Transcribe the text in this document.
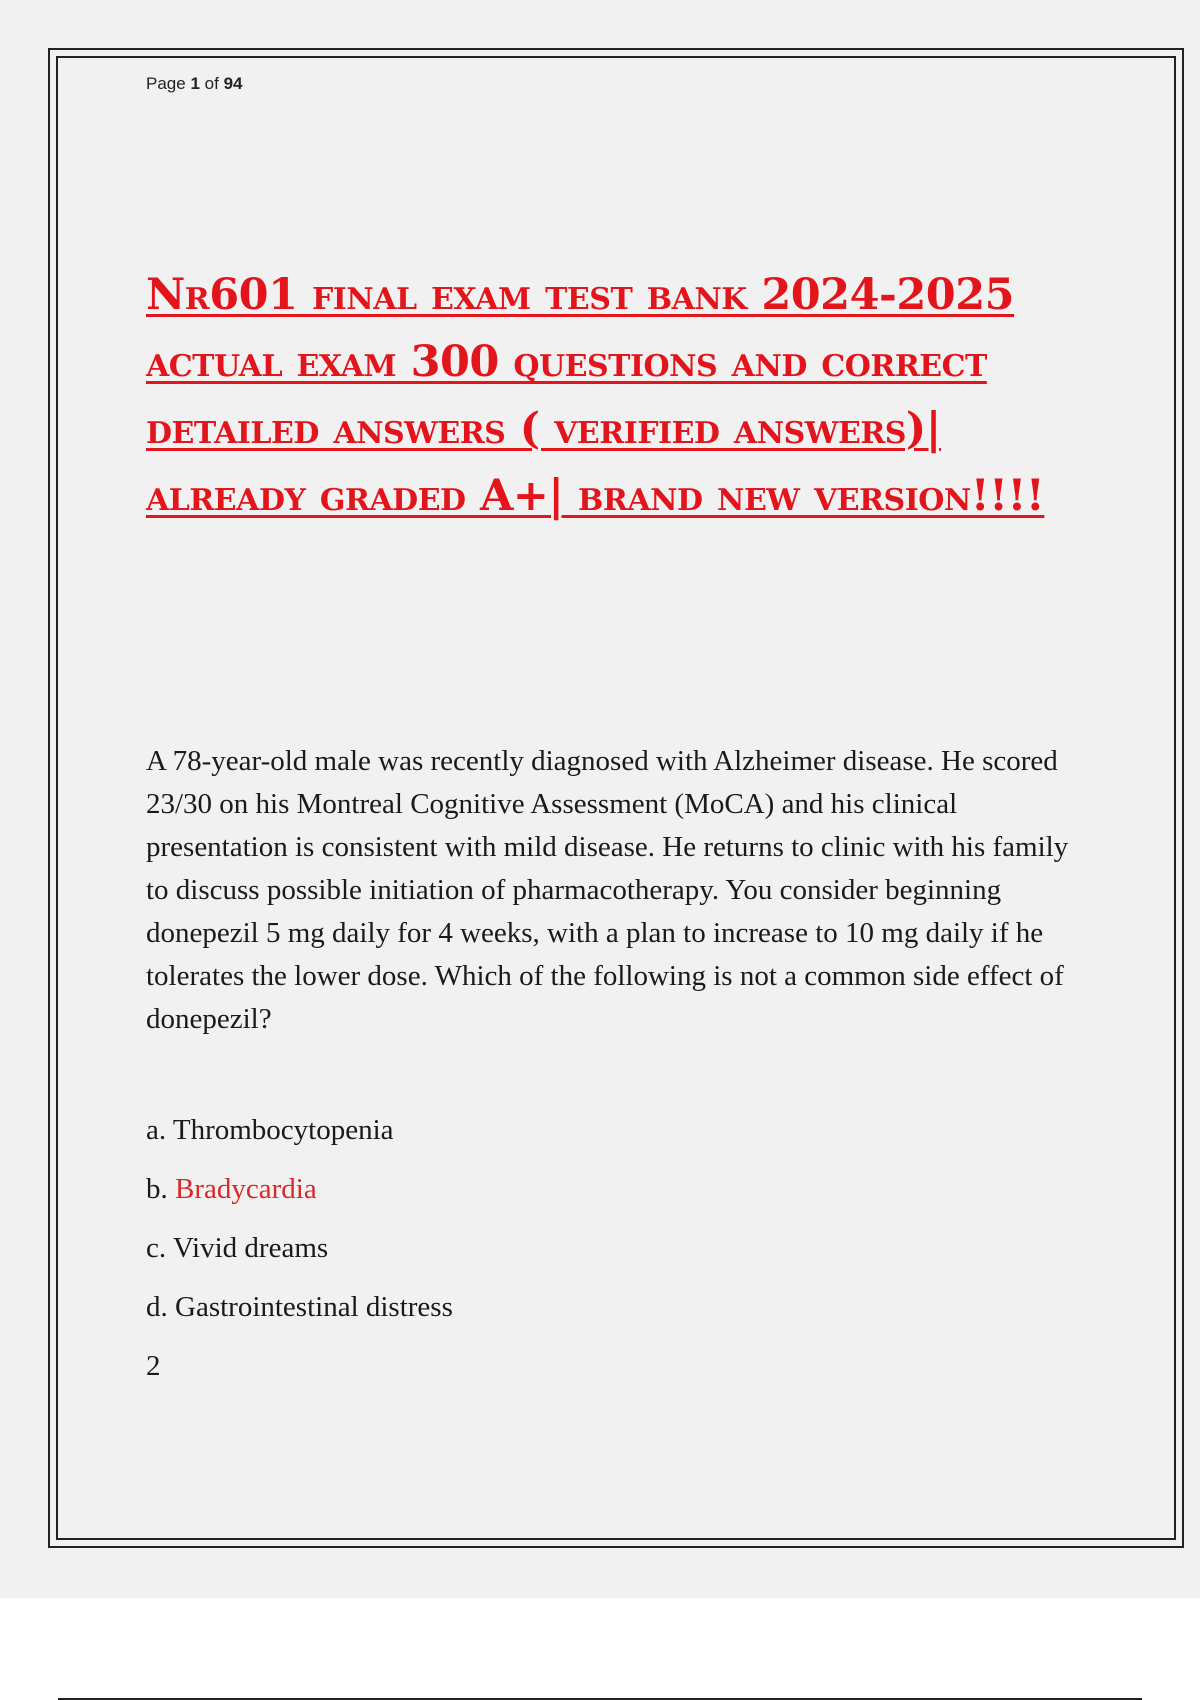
Page 1 of 94
Nr601 final exam test bank 2024-2025 actual exam 300 questions and correct detailed answers ( verified answers)| already graded A+| brand new version!!!!

A 78-year-old male was recently diagnosed with Alzheimer disease. He scored 23/30 on his Montreal Cognitive Assessment (MoCA) and his clinical presentation is consistent with mild disease. He returns to clinic with his family to discuss possible initiation of pharmacotherapy. You consider beginning donepezil 5 mg daily for 4 weeks, with a plan to increase to 10 mg daily if he tolerates the lower dose. Which of the following is not a common side effect of donepezil?

a. Thrombocytopenia

b. Bradycardia

c. Vivid dreams

d. Gastrointestinal distress

2
